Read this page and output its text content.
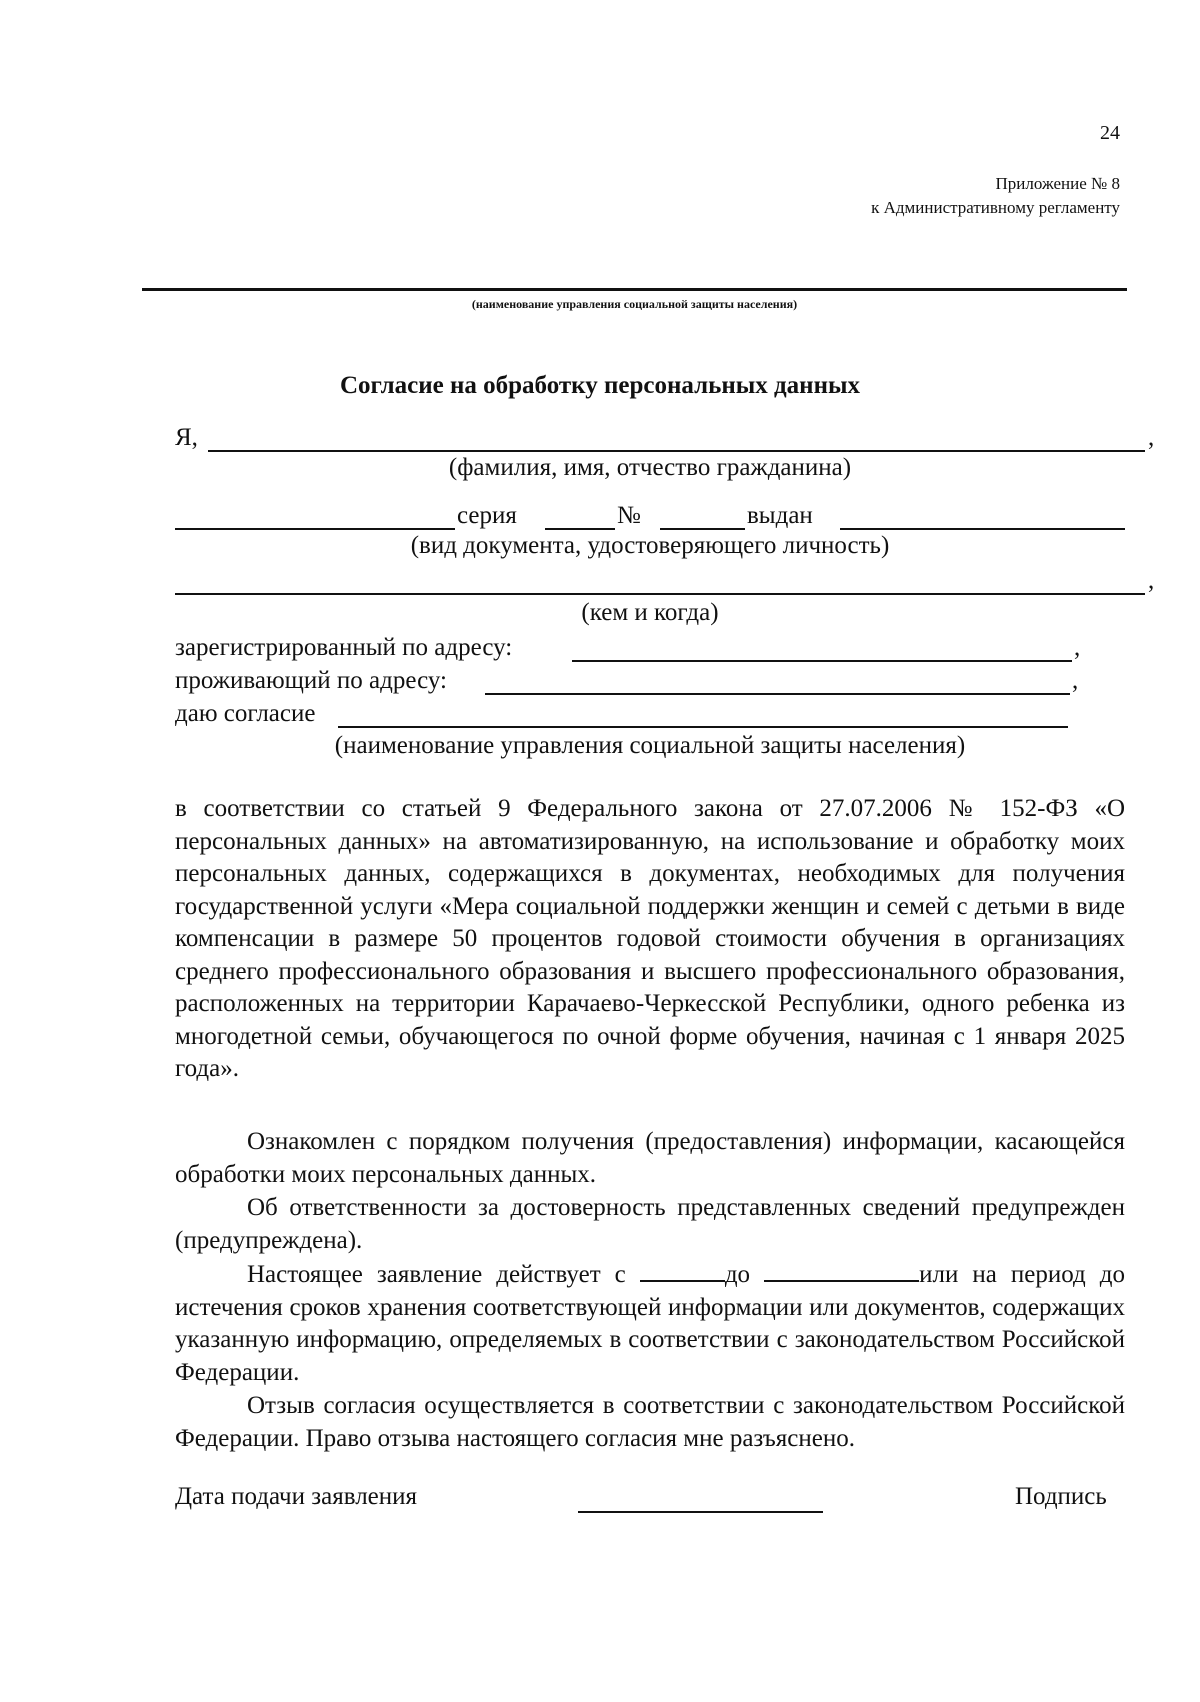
24
Приложение № 8
к Административному регламенту
(наименование управления социальной защиты населения)
Согласие на обработку персональных данных
Я,	,
(фамилия, имя, отчество гражданина)
серия	№	выдан
(вид документа, удостоверяющего личность)
,
(кем и когда)
зарегистрированный по адресу:	,
проживающий по адресу:	,
даю согласие
(наименование управления социальной защиты населения)
в соответствии со статьей 9 Федерального закона от 27.07.2006 № 152-ФЗ «О персональных данных» на автоматизированную, на использование и обработку моих персональных данных, содержащихся в документах, необходимых для получения государственной услуги «Мера социальной поддержки женщин и семей с детьми в виде компенсации в размере 50 процентов годовой стоимости обучения в организациях среднего профессионального образования и высшего профессионального образования, расположенных на территории Карачаево-Черкесской Республики, одного ребенка из многодетной семьи, обучающегося по очной форме обучения, начиная с 1 января 2025 года».
Ознакомлен с порядком получения (предоставления) информации, касающейся обработки моих персональных данных.
Об ответственности за достоверность представленных сведений предупрежден (предупреждена).
Настоящее заявление действует с	до	или на период до истечения сроков хранения соответствующей информации или документов, содержащих указанную информацию, определяемых в соответствии с законодательством Российской Федерации.
Отзыв согласия осуществляется в соответствии с законодательством Российской Федерации. Право отзыва настоящего согласия мне разъяснено.
Дата подачи заявления	Подпись
